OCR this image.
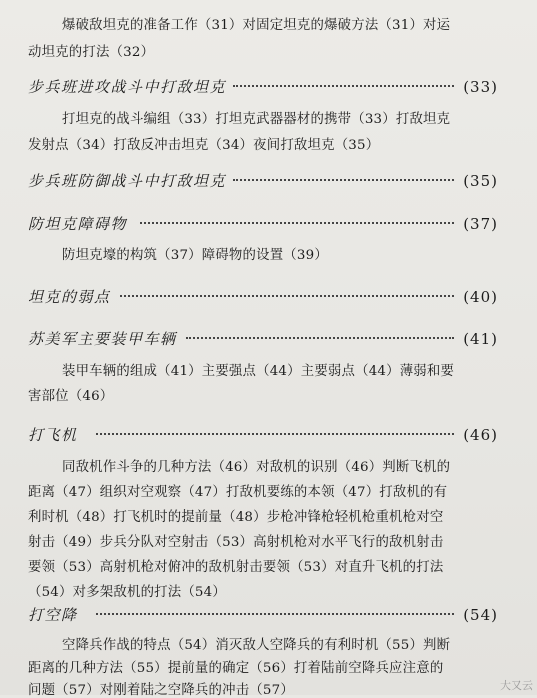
爆破敌坦克的准备工作（31）对固定坦克的爆破方法（31）对运
动坦克的打法（32）
步兵班进攻战斗中打敌坦克	(33)
打坦克的战斗编组（33）打坦克武器器材的携带（33）打敌坦克
发射点（34）打敌反冲击坦克（34）夜间打敌坦克（35）
步兵班防御战斗中打敌坦克	(35)
防坦克障碍物	(37)
防坦克壕的构筑（37）障碍物的设置（39）
坦克的弱点	(40)
苏美军主要装甲车辆	(41)
装甲车辆的组成（41）主要强点（44）主要弱点（44）薄弱和要
害部位（46）
打飞机	(46)
同敌机作斗争的几种方法（46）对敌机的识别（46）判断飞机的
距离（47）组织对空观察（47）打敌机要练的本领（47）打敌机的有
利时机（48）打飞机时的提前量（48）步枪冲锋枪轻机枪重机枪对空
射击（49）步兵分队对空射击（53）高射机枪对水平飞行的敌机射击
要领（53）高射机枪对俯冲的敌机射击要领（53）对直升飞机的打法
（54）对多架敌机的打法（54）
打空降	(54)
空降兵作战的特点（54）消灭敌人空降兵的有利时机（55）判断
距离的几种方法（55）提前量的确定（56）打着陆前空降兵应注意的
问题（57）对刚着陆之空降兵的冲击（57）	大又云
